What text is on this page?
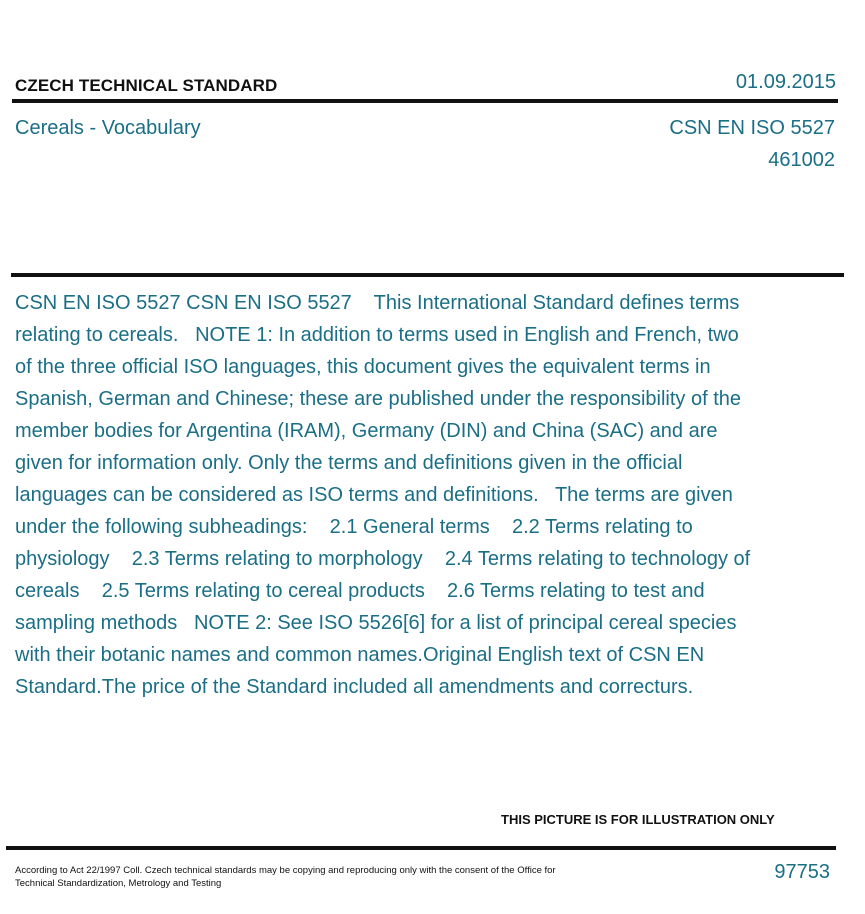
CZECH TECHNICAL STANDARD	01.09.2015
Cereals - Vocabulary	CSN EN ISO 5527
461002
CSN EN ISO 5527 CSN EN ISO 5527    This International Standard defines terms relating to cereals.   NOTE 1: In addition to terms used in English and French, two of the three official ISO languages, this document gives the equivalent terms in Spanish, German and Chinese; these are published under the responsibility of the member bodies for Argentina (IRAM), Germany (DIN) and China (SAC) and are given for information only. Only the terms and definitions given in the official languages can be considered as ISO terms and definitions.   The terms are given under the following subheadings:    2.1 General terms    2.2 Terms relating to physiology    2.3 Terms relating to morphology    2.4 Terms relating to technology of cereals    2.5 Terms relating to cereal products    2.6 Terms relating to test and sampling methods   NOTE 2: See ISO 5526[6] for a list of principal cereal species with their botanic names and common names.Original English text of CSN EN Standard.The price of the Standard included all amendments and correcturs.
THIS PICTURE IS FOR ILLUSTRATION ONLY
According to Act 22/1997 Coll. Czech technical standards may be copying and reproducing only with the consent of the Office for Technical Standardization, Metrology and Testing
97753
